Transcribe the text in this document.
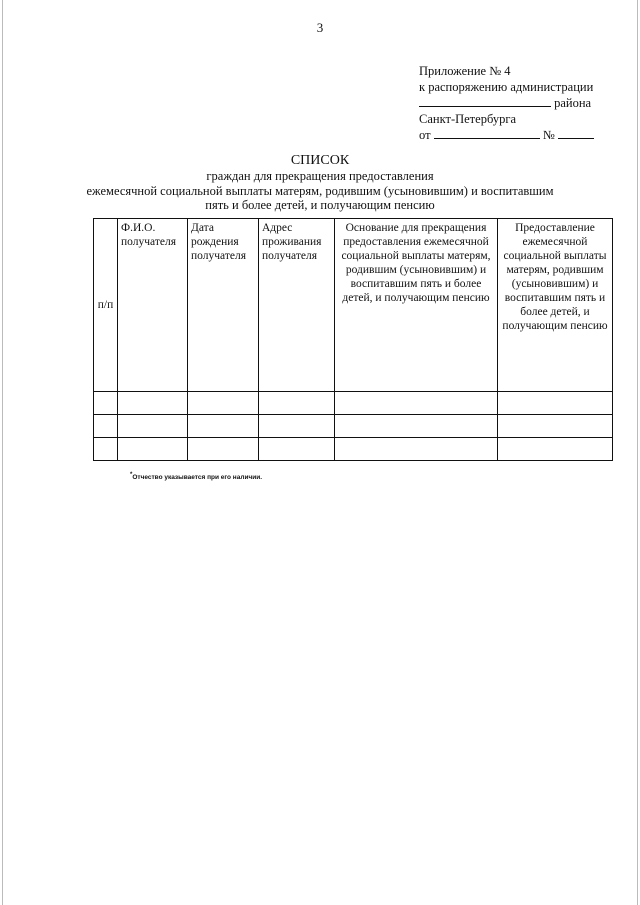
3
Приложение № 4
к распоряжению администрации
района
Санкт-Петербурга
от	№
СПИСОК
граждан для прекращения предоставления
ежемесячной социальной выплаты матерям, родившим (усыновившим) и воспитавшим
пять и более детей, и получающим пенсию
п/п	Ф.И.О. получателя	Дата рождения получателя	Адрес проживания получателя	Основание для прекращения предоставления ежемесячной социальной выплаты матерям, родившим (усыновившим) и воспитавшим пять и более детей, и получающим пенсию	Предоставление ежемесячной социальной выплаты матерям, родившим (усыновившим) и воспитавшим пять и более детей, и получающим пенсию

*Отчество указывается при его наличии.
